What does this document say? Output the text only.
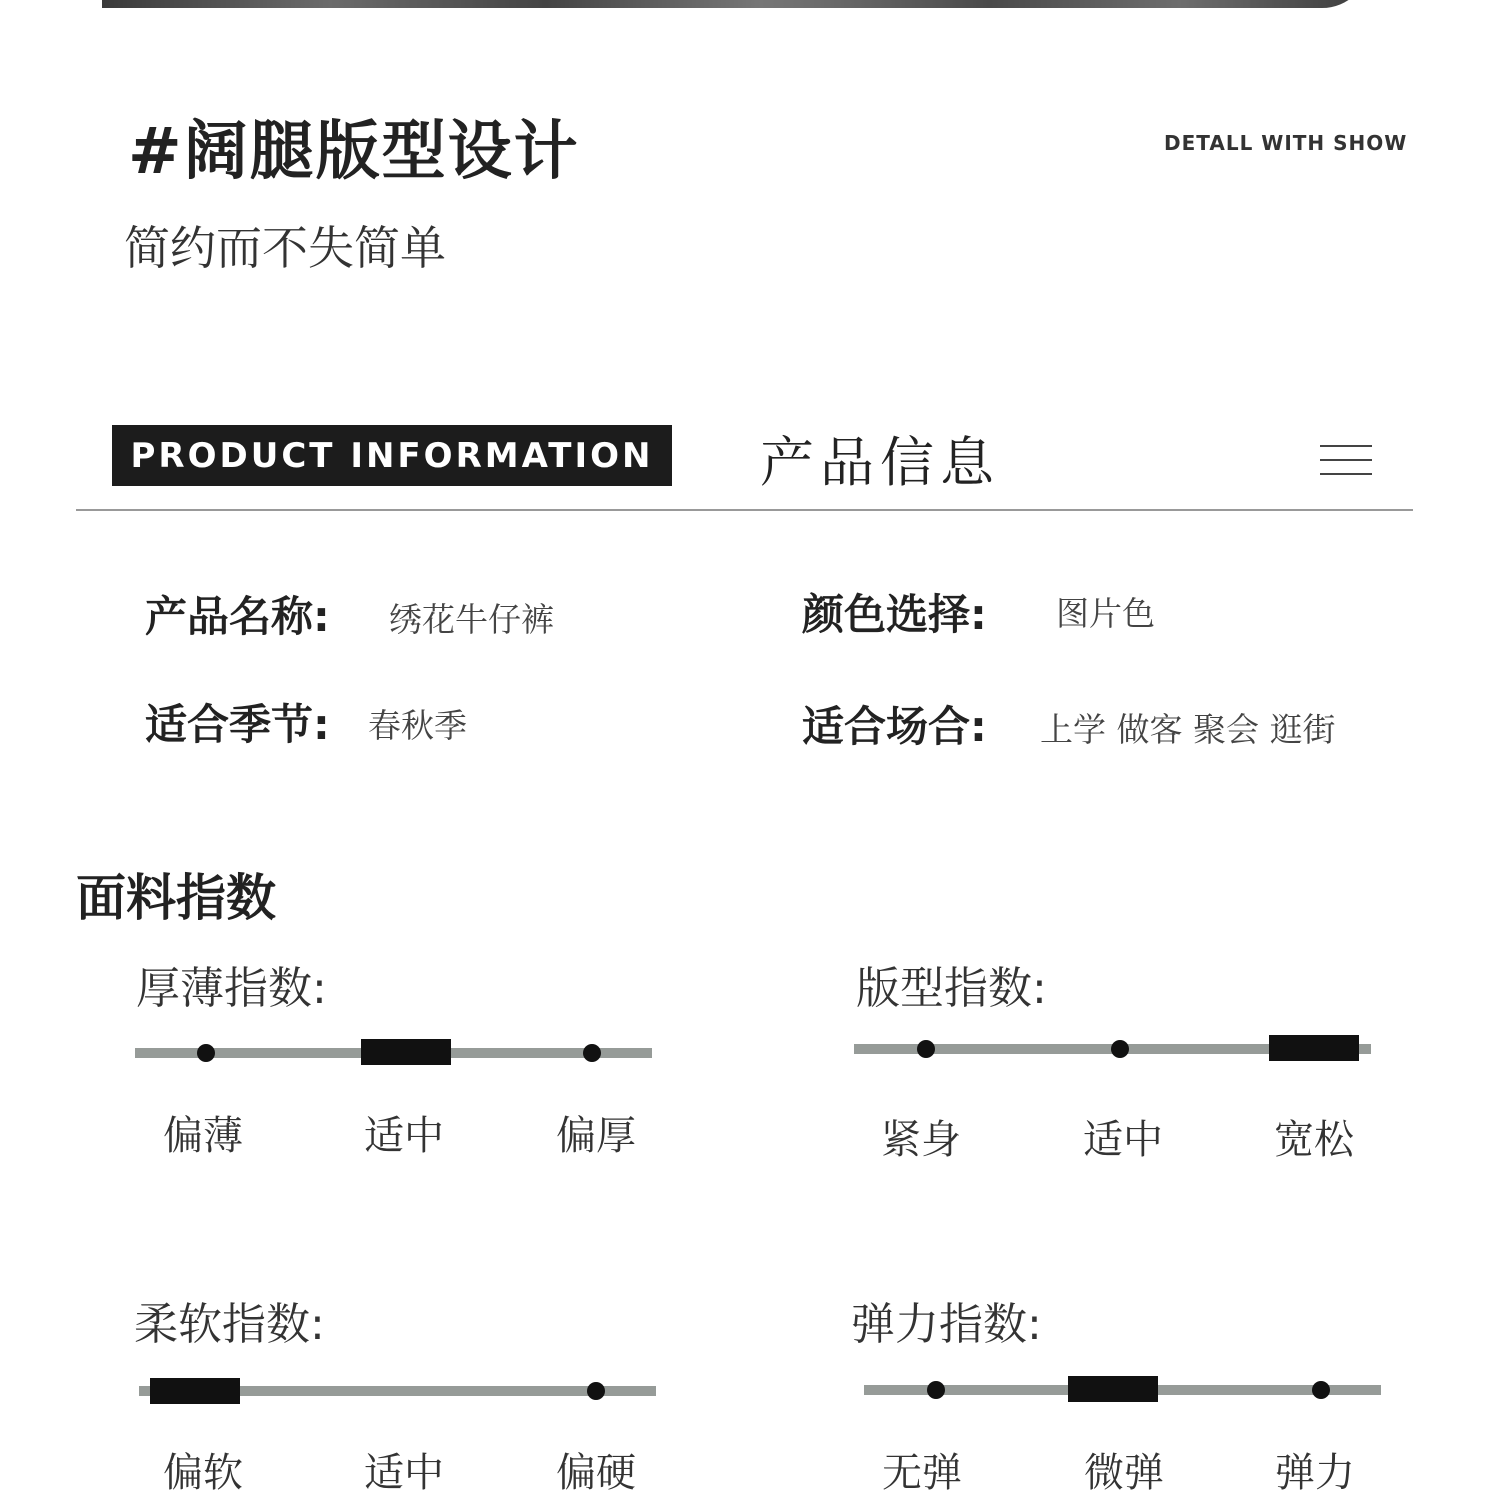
#阔腿版型设计
简约而不失简单
DETALL WITH SHOW
PRODUCT INFORMATION	产品信息
产品名称: 绣花牛仔裤	颜色选择: 图片色
适合季节: 春秋季	适合场合: 上学 做客 聚会 逛街
面料指数
厚薄指数:
偏薄	适中	偏厚
版型指数:
紧身	适中	宽松
柔软指数:
偏软	适中	偏硬
弹力指数:
无弹	微弹	弹力
